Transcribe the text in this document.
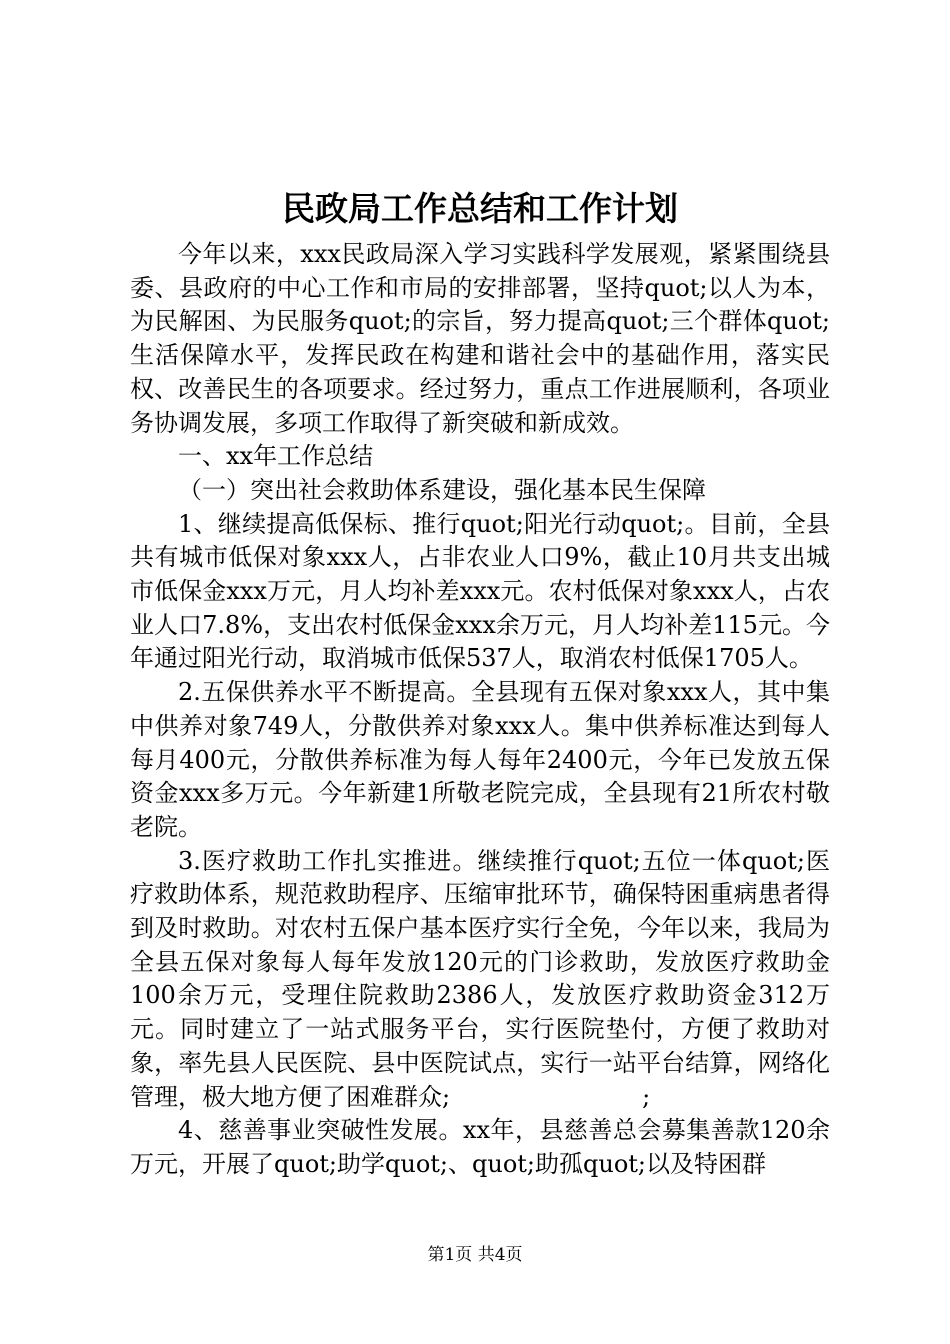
民政局工作总结和工作计划

今年以来，xxx民政局深入学习实践科学发展观，紧紧围绕县委、县政府的中心工作和市局的安排部署，坚持quot;以人为本，为民解困、为民服务quot;的宗旨，努力提高quot;三个群体quot;生活保障水平，发挥民政在构建和谐社会中的基础作用，落实民权、改善民生的各项要求。经过努力，重点工作进展顺利，各项业务协调发展，多项工作取得了新突破和新成效。

一、xx年工作总结

（一）突出社会救助体系建设，强化基本民生保障

1、继续提高低保标、推行quot;阳光行动quot;。目前，全县共有城市低保对象xxx人，占非农业人口9%，截止10月共支出城市低保金xxx万元，月人均补差xxx元。农村低保对象xxx人，占农业人口7.8%，支出农村低保金xxx余万元，月人均补差115元。今年通过阳光行动，取消城市低保537人，取消农村低保1705人。

2.五保供养水平不断提高。全县现有五保对象xxx人，其中集中供养对象749人，分散供养对象xxx人。集中供养标准达到每人每月400元，分散供养标准为每人每年2400元，今年已发放五保资金xxx多万元。今年新建1所敬老院完成，全县现有21所农村敬老院。

3.医疗救助工作扎实推进。继续推行quot;五位一体quot;医疗救助体系，规范救助程序、压缩审批环节，确保特困重病患者得到及时救助。对农村五保户基本医疗实行全免，今年以来，我局为全县五保对象每人每年发放120元的门诊救助，发放医疗救助金100余万元，受理住院救助2386人，发放医疗救助资金312万元。同时建立了一站式服务平台，实行医院垫付，方便了救助对象，率先县人民医院、县中医院试点，实行一站平台结算，网络化管理，极大地方便了困难群众;　　　　　　　　;

4、慈善事业突破性发展。xx年，县慈善总会募集善款120余万元，开展了quot;助学quot;、quot;助孤quot;以及特困群

第1页 共4页
